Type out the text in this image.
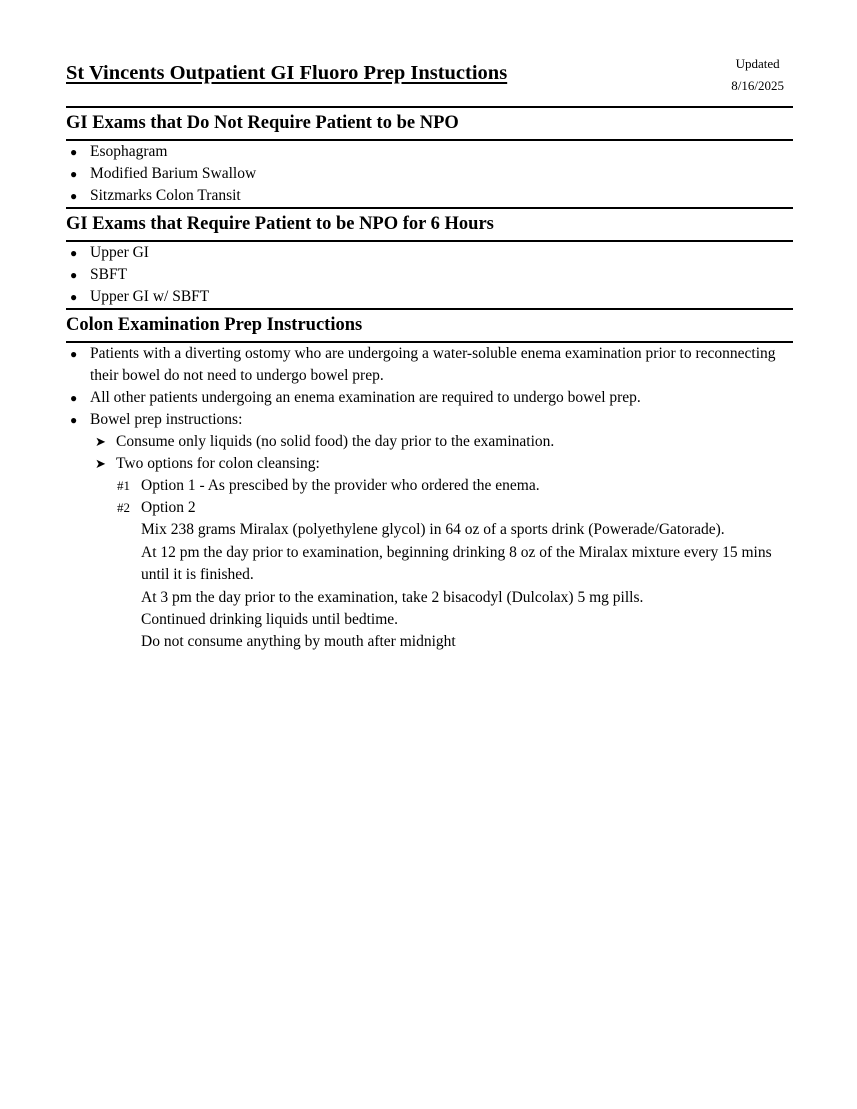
St Vincents Outpatient GI Fluoro Prep Instuctions	Updated
8/16/2025
GI Exams that Do Not Require Patient to be NPO
● Esophagram
● Modified Barium Swallow
● Sitzmarks Colon Transit
GI Exams that Require Patient to be NPO for 6 Hours
● Upper GI
● SBFT
● Upper GI w/ SBFT
Colon Examination Prep Instructions
● Patients with a diverting ostomy who are undergoing a water-soluble enema examination prior to reconnecting their bowel do not need to undergo bowel prep.
● All other patients undergoing an enema examination are required to undergo bowel prep.
● Bowel prep instructions:
➤ Consume only liquids (no solid food) the day prior to the examination.
➤ Two options for colon cleansing:
#1 Option 1 - As prescibed by the provider who ordered the enema.
#2 Option 2
Mix 238 grams Miralax (polyethylene glycol) in 64 oz of a sports drink (Powerade/Gatorade).
At 12 pm the day prior to examination, beginning drinking 8 oz of the Miralax mixture every 15 mins until it is finished.
At 3 pm the day prior to the examination, take 2 bisacodyl (Dulcolax) 5 mg pills.
Continued drinking liquids until bedtime.
Do not consume anything by mouth after midnight
